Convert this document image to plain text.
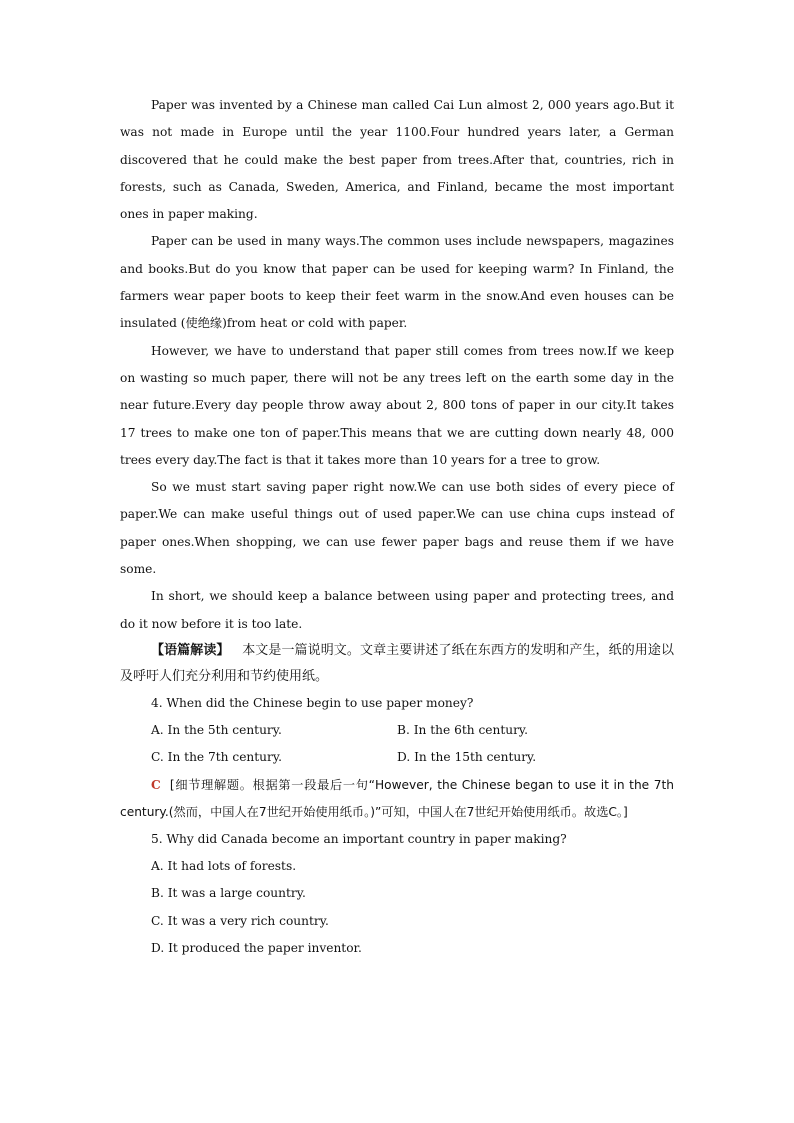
Paper was invented by a Chinese man called Cai Lun almost 2, 000 years ago.But it was not made in Europe until the year 1100.Four hundred years later, a German discovered that he could make the best paper from trees.After that, countries, rich in forests, such as Canada, Sweden, America, and Finland, became the most important ones in paper making.

Paper can be used in many ways.The common uses include newspapers, magazines and books.But do you know that paper can be used for keeping warm? In Finland, the farmers wear paper boots to keep their feet warm in the snow.And even houses can be insulated (使绝缘)from heat or cold with paper.

However, we have to understand that paper still comes from trees now.If we keep on wasting so much paper, there will not be any trees left on the earth some day in the near future.Every day people throw away about 2, 800 tons of paper in our city.It takes 17 trees to make one ton of paper.This means that we are cutting down nearly 48, 000 trees every day.The fact is that it takes more than 10 years for a tree to grow.

So we must start saving paper right now.We can use both sides of every piece of paper.We can make useful things out of used paper.We can use china cups instead of paper ones.When shopping, we can use fewer paper bags and reuse them if we have some.

In short, we should keep a balance between using paper and protecting trees, and do it now before it is too late.

【语篇解读】 本文是一篇说明文。文章主要讲述了纸在东西方的发明和产生，纸的用途以及呼吁人们充分利用和节约使用纸。

4. When did the Chinese begin to use paper money?

A. In the 5th century.	B. In the 6th century.
C. In the 7th century.	D. In the 15th century.

C [细节理解题。根据第一段最后一句“However, the Chinese began to use it in the 7th century.(然而，中国人在7世纪开始使用纸币。)”可知，中国人在7世纪开始使用纸币。故选C。]

5. Why did Canada become an important country in paper making?

A. It had lots of forests.

B. It was a large country.

C. It was a very rich country.

D. It produced the paper inventor.
